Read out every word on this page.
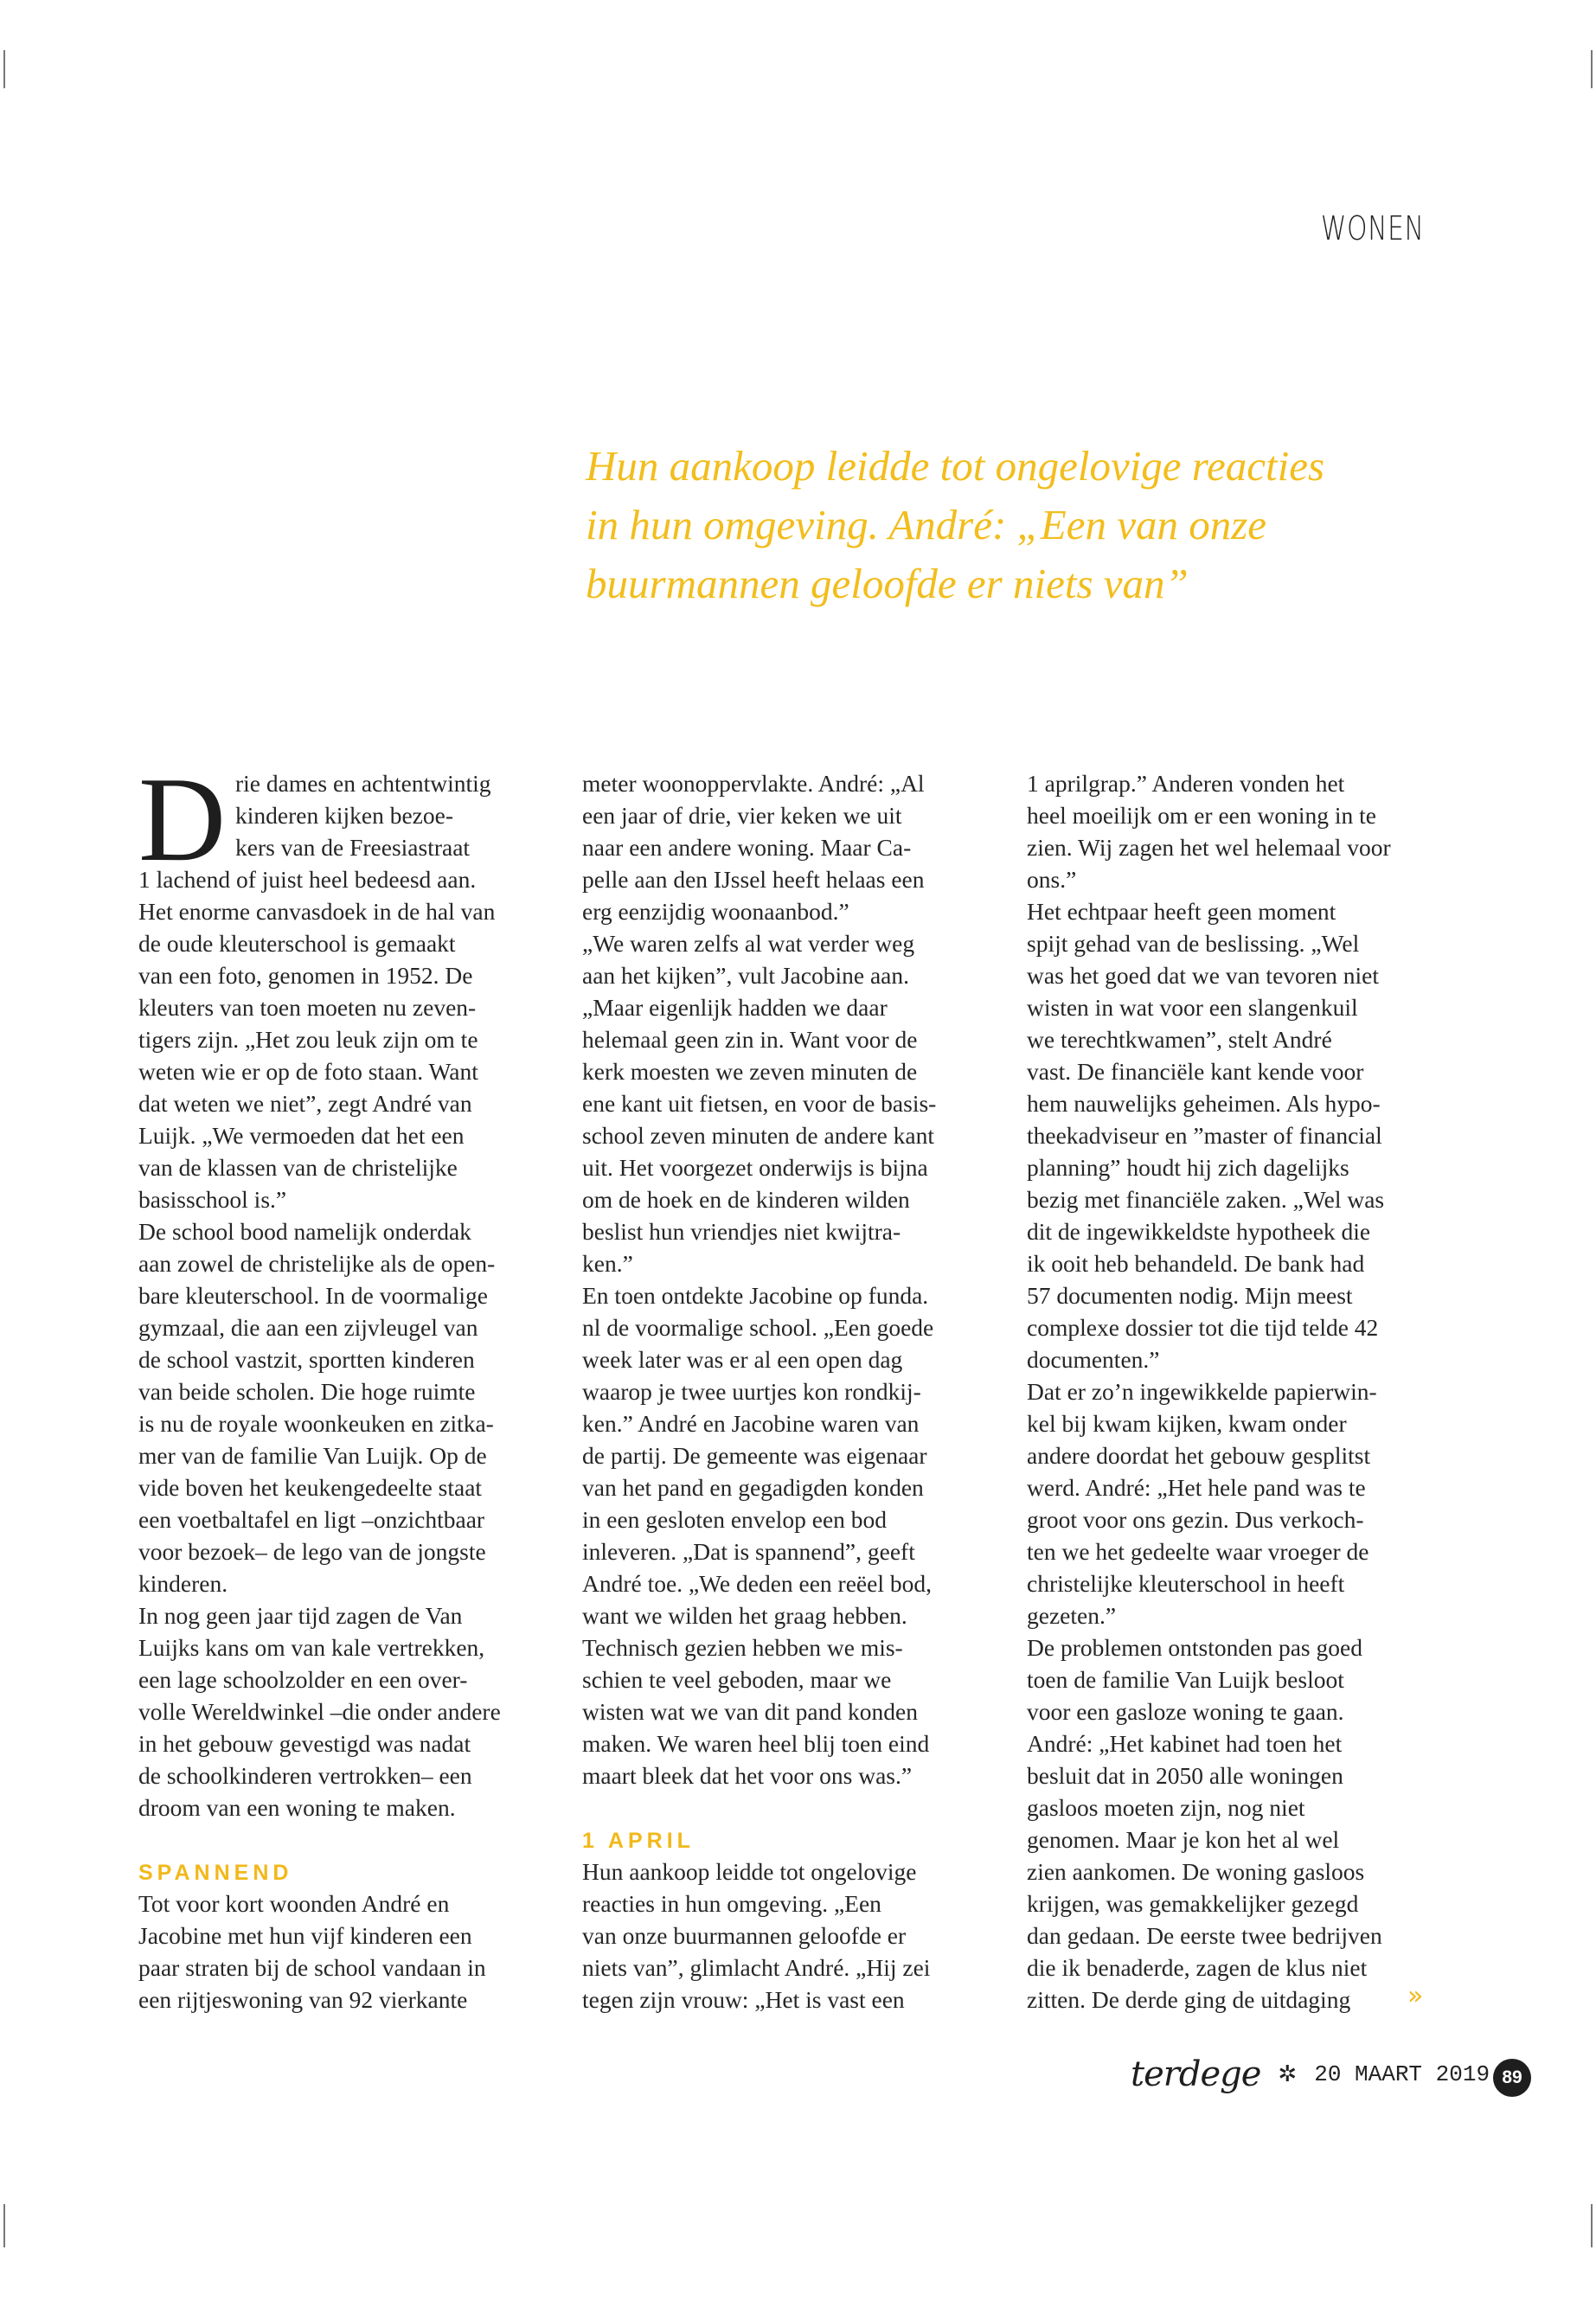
WONEN
Hun aankoop leidde tot ongelovige reacties
in hun omgeving. André: „Een van onze
buurmannen geloofde er niets van”
D rie dames en achtentwintig
kinderen kijken bezoe-
kers van de Freesiastraat
1 lachend of juist heel bedeesd aan.
Het enorme canvasdoek in de hal van
de oude kleuterschool is gemaakt
van een foto, genomen in 1952. De
kleuters van toen moeten nu zeven-
tigers zijn. „Het zou leuk zijn om te
weten wie er op de foto staan. Want
dat weten we niet”, zegt André van
Luijk. „We vermoeden dat het een
van de klassen van de christelijke
basisschool is.”
De school bood namelijk onderdak
aan zowel de christelijke als de open-
bare kleuterschool. In de voormalige
gymzaal, die aan een zijvleugel van
de school vastzit, sportten kinderen
van beide scholen. Die hoge ruimte
is nu de royale woonkeuken en zitka-
mer van de familie Van Luijk. Op de
vide boven het keukengedeelte staat
een voetbaltafel en ligt –onzichtbaar
voor bezoek– de lego van de jongste
kinderen.
In nog geen jaar tijd zagen de Van
Luijks kans om van kale vertrekken,
een lage schoolzolder en een over-
volle Wereldwinkel –die onder andere
in het gebouw gevestigd was nadat
de schoolkinderen vertrokken– een
droom van een woning te maken.
SPANNEND
Tot voor kort woonden André en
Jacobine met hun vijf kinderen een
paar straten bij de school vandaan in
een rijtjeswoning van 92 vierkante
meter woonoppervlakte. André: „Al
een jaar of drie, vier keken we uit
naar een andere woning. Maar Ca-
pelle aan den IJssel heeft helaas een
erg eenzijdig woonaanbod.”
„We waren zelfs al wat verder weg
aan het kijken”, vult Jacobine aan.
„Maar eigenlijk hadden we daar
helemaal geen zin in. Want voor de
kerk moesten we zeven minuten de
ene kant uit fietsen, en voor de basis-
school zeven minuten de andere kant
uit. Het voorgezet onderwijs is bijna
om de hoek en de kinderen wilden
beslist hun vriendjes niet kwijtra-
ken.”
En toen ontdekte Jacobine op funda.
nl de voormalige school. „Een goede
week later was er al een open dag
waarop je twee uurtjes kon rondkij-
ken.” André en Jacobine waren van
de partij. De gemeente was eigenaar
van het pand en gegadigden konden
in een gesloten envelop een bod
inleveren. „Dat is spannend”, geeft
André toe. „We deden een reëel bod,
want we wilden het graag hebben.
Technisch gezien hebben we mis-
schien te veel geboden, maar we
wisten wat we van dit pand konden
maken. We waren heel blij toen eind
maart bleek dat het voor ons was.”
1 APRIL
Hun aankoop leidde tot ongelovige
reacties in hun omgeving. „Een
van onze buurmannen geloofde er
niets van”, glimlacht André. „Hij zei
tegen zijn vrouw: „Het is vast een
1 aprilgrap.” Anderen vonden het
heel moeilijk om er een woning in te
zien. Wij zagen het wel helemaal voor
ons.”
Het echtpaar heeft geen moment
spijt gehad van de beslissing. „Wel
was het goed dat we van tevoren niet
wisten in wat voor een slangenkuil
we terechtkwamen”, stelt André
vast. De financiële kant kende voor
hem nauwelijks geheimen. Als hypo-
theekadviseur en ”master of financial
planning” houdt hij zich dagelijks
bezig met financiële zaken. „Wel was
dit de ingewikkeldste hypotheek die
ik ooit heb behandeld. De bank had
57 documenten nodig. Mijn meest
complexe dossier tot die tijd telde 42
documenten.”
Dat er zo’n ingewikkelde papierwin-
kel bij kwam kijken, kwam onder
andere doordat het gebouw gesplitst
werd. André: „Het hele pand was te
groot voor ons gezin. Dus verkoch-
ten we het gedeelte waar vroeger de
christelijke kleuterschool in heeft
gezeten.”
De problemen ontstonden pas goed
toen de familie Van Luijk besloot
voor een gasloze woning te gaan.
André: „Het kabinet had toen het
besluit dat in 2050 alle woningen
gasloos moeten zijn, nog niet
genomen. Maar je kon het al wel
zien aankomen. De woning gasloos
krijgen, was gemakkelijker gezegd
dan gedaan. De eerste twee bedrijven
die ik benaderde, zagen de klus niet
zitten. De derde ging de uitdaging	»
terdege ✲ 20 MAART 2019 89
